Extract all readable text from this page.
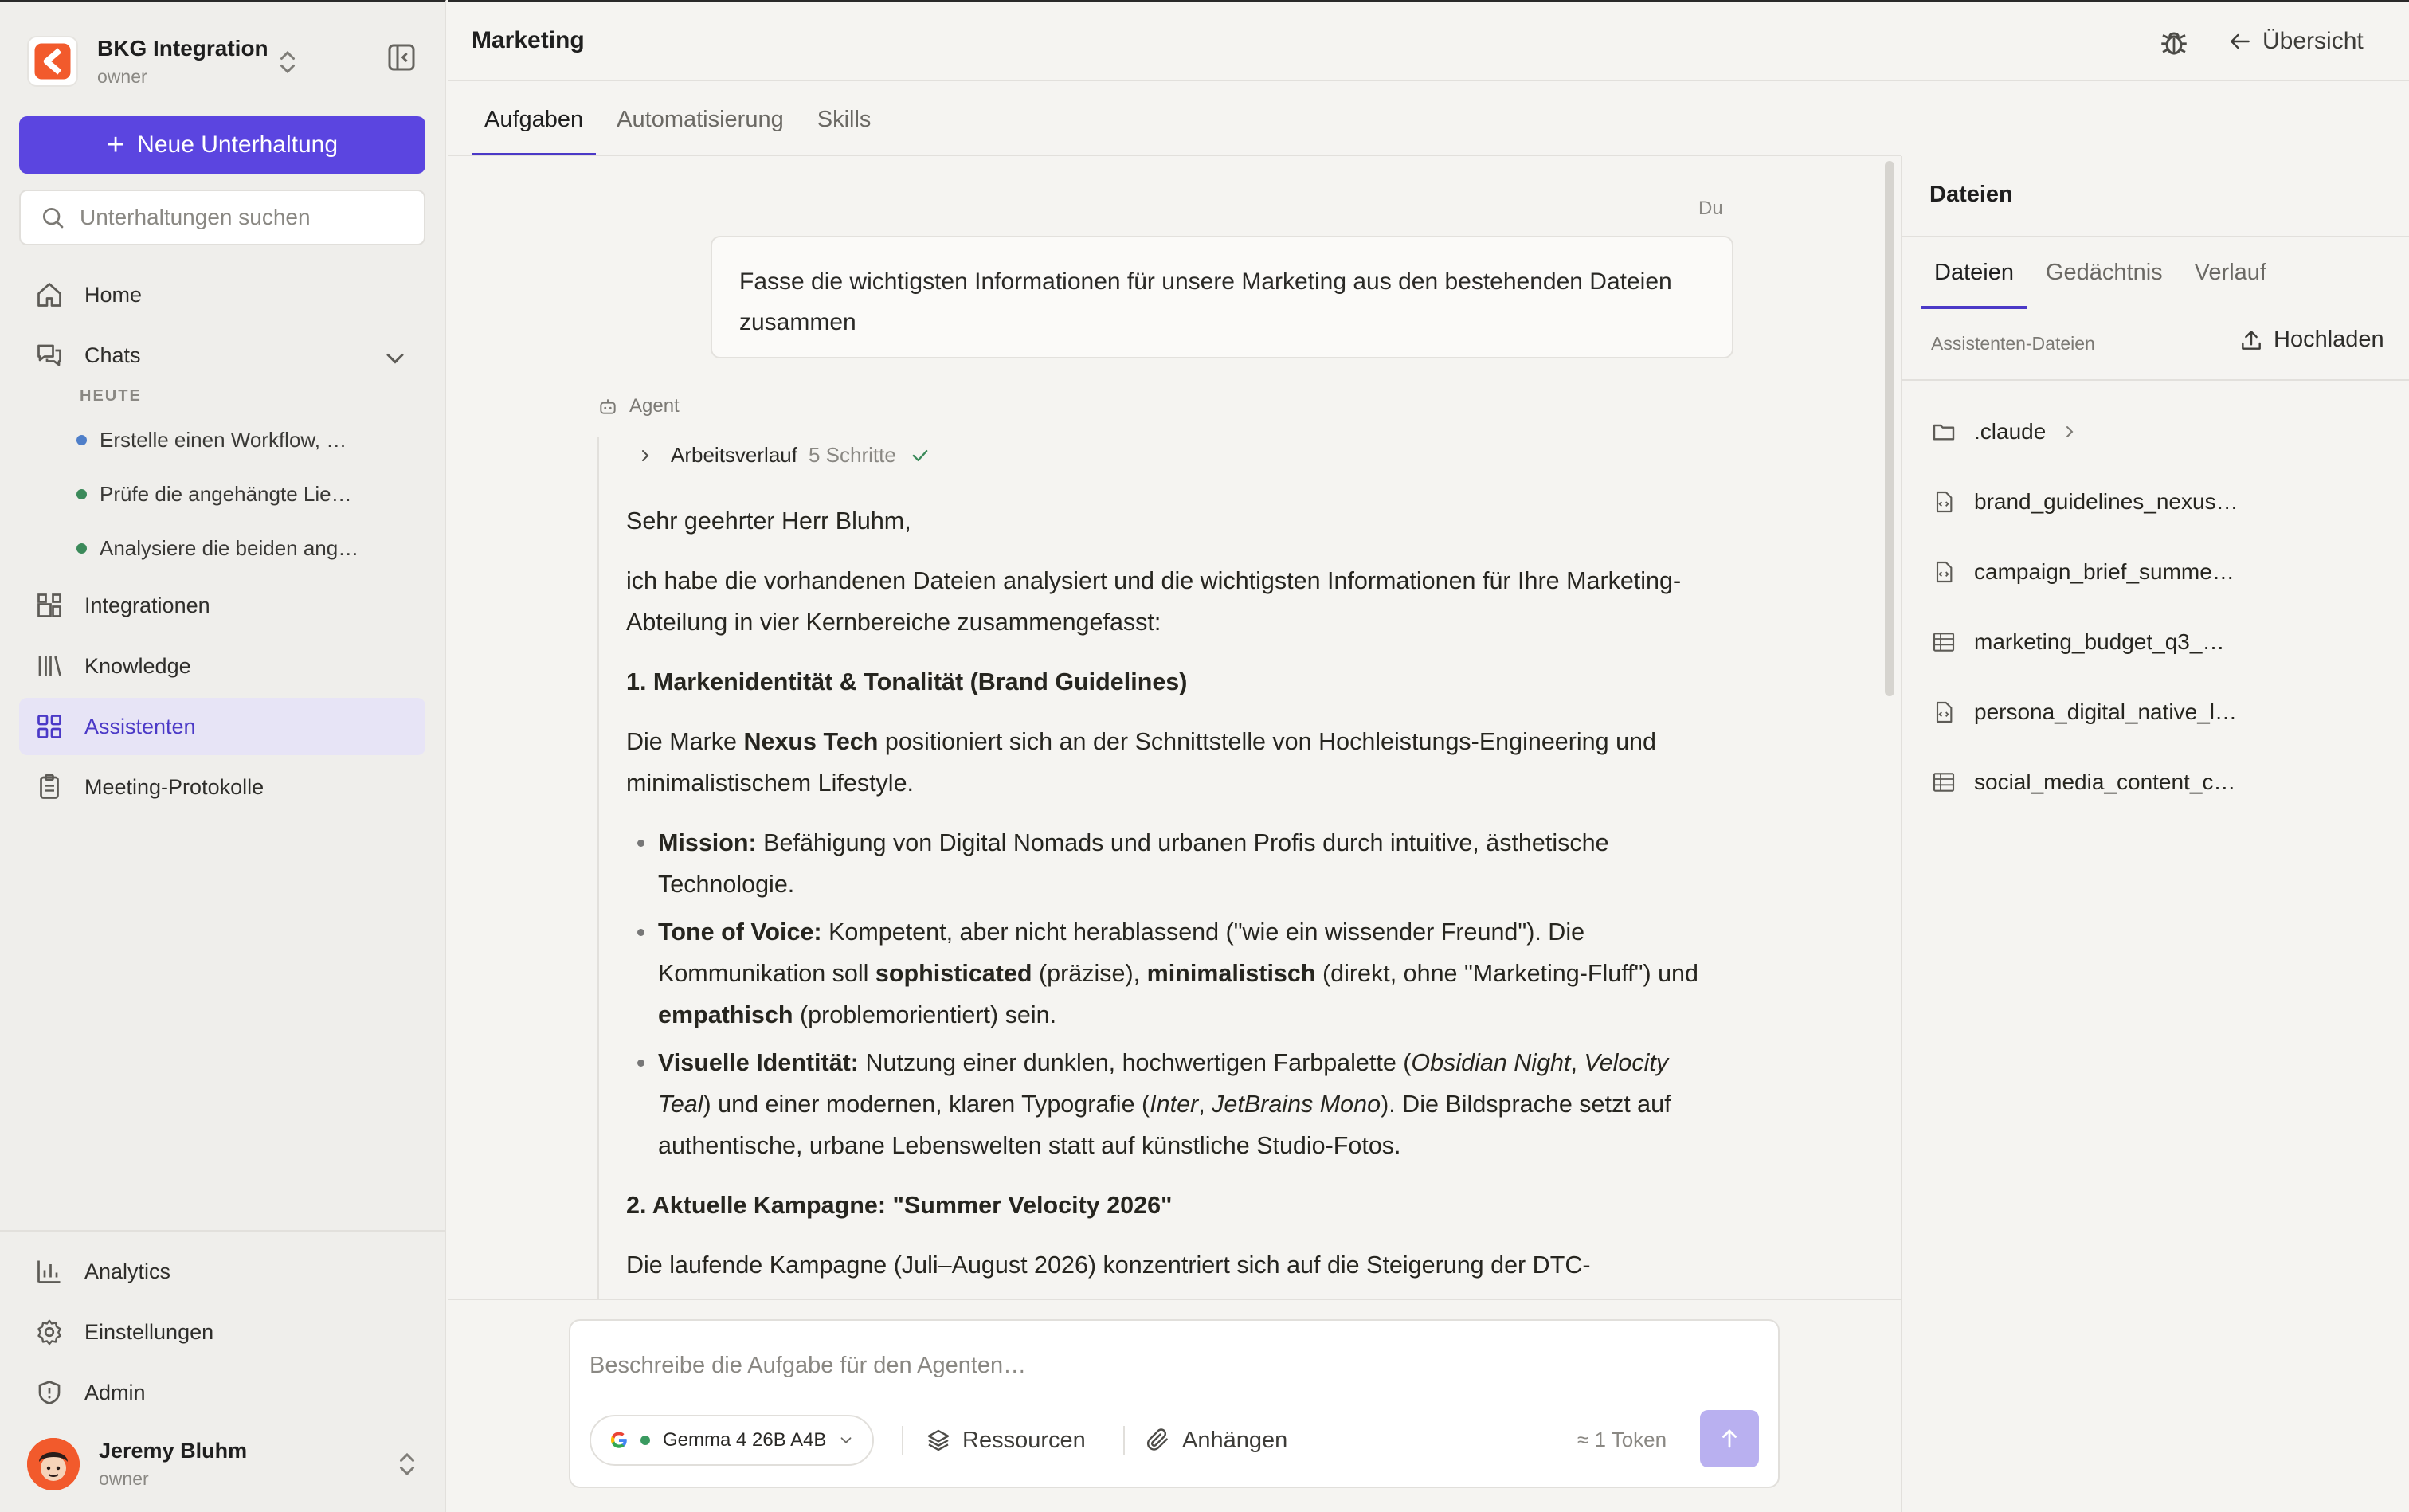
BKG Integration
owner
+ Neue Unterhaltung
Unterhaltungen suchen
Home
Chats
HEUTE
Erstelle einen Workflow, …
Prüfe die angehängte Lie…
Analysiere die beiden ang…
Integrationen
Knowledge
Assistenten
Meeting-Protokolle
Analytics
Einstellungen
Admin
Jeremy Bluhm
owner
Marketing	Übersicht
Aufgaben	Automatisierung	Skills
Du
Fasse die wichtigsten Informationen für unsere Marketing aus den bestehenden Dateien zusammen
Agent
Arbeitsverlauf 5 Schritte

Sehr geehrter Herr Bluhm,

ich habe die vorhandenen Dateien analysiert und die wichtigsten Informationen für Ihre Marketing-Abteilung in vier Kernbereiche zusammengefasst:

1. Markenidentität & Tonalität (Brand Guidelines)

Die Marke Nexus Tech positioniert sich an der Schnittstelle von Hochleistungs-Engineering und minimalistischem Lifestyle.

Mission: Befähigung von Digital Nomads und urbanen Profis durch intuitive, ästhetische Technologie.
Tone of Voice: Kompetent, aber nicht herablassend ("wie ein wissender Freund"). Die Kommunikation soll sophisticated (präzise), minimalistisch (direkt, ohne "Marketing-Fluff") und empathisch (problemorientiert) sein.
Visuelle Identität: Nutzung einer dunklen, hochwertigen Farbpalette (Obsidian Night, Velocity Teal) und einer modernen, klaren Typografie (Inter, JetBrains Mono). Die Bildsprache setzt auf authentische, urbane Lebenswelten statt auf künstliche Studio-Fotos.

2. Aktuelle Kampagne: "Summer Velocity 2026"

Die laufende Kampagne (Juli–August 2026) konzentriert sich auf die Steigerung der DTC-

Beschreibe die Aufgabe für den Agenten…
Gemma 4 26B A4B	Ressourcen	Anhängen	≈ 1 Token
Dateien
Dateien	Gedächtnis	Verlauf
Assistenten-Dateien	Hochladen
.claude
brand_guidelines_nexus…
campaign_brief_summe…
marketing_budget_q3_…
persona_digital_native_l…
social_media_content_c…
